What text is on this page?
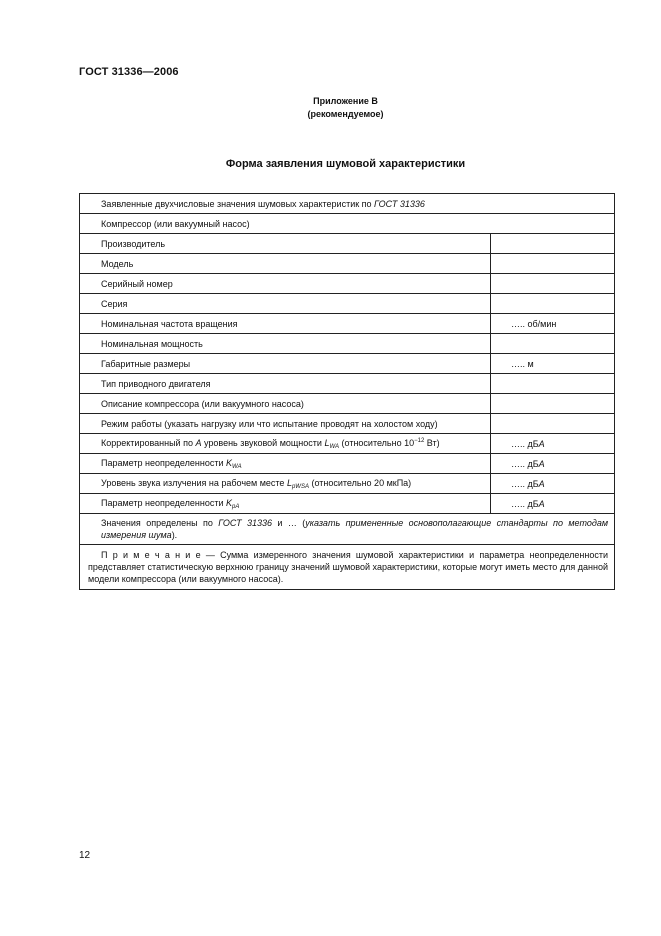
ГОСТ 31336—2006
Приложение В
(рекомендуемое)
Форма заявления шумовой характеристики
Заявленные двухчисловые значения шумовых характеристик по ГОСТ 31336	
Компрессор (или вакуумный насос)	
Производитель	
Модель	
Серийный номер	
Серия	
Номинальная частота вращения	….. об/мин
Номинальная мощность	
Габаритные размеры	….. м
Тип приводного двигателя	
Описание компрессора (или вакуумного насоса)	
Режим работы (указать нагрузку или что испытание проводят на холостом ходу)	
Корректированный по A уровень звуковой мощности $L_{WA}$ (относительно $10^{-12}$ Вт)	….. дБA
Параметр неопределенности $K_{WA}$	….. дБA
Уровень звука излучения на рабочем месте $L_{pWSA}$ (относительно 20 мкПа)	….. дБA
Параметр неопределенности $K_{pA}$	….. дБA
Значения определены по ГОСТ 31336 и … (указать примененные основополагающие стандарты по методам измерения шума).	
П р и м е ч а н и е — Сумма измеренного значения шумовой характеристики и параметра неопределенности представляет статистическую верхнюю границу значений шумовой характеристики, которые могут иметь место для данной модели компрессора (или вакуумного насоса).	
12
